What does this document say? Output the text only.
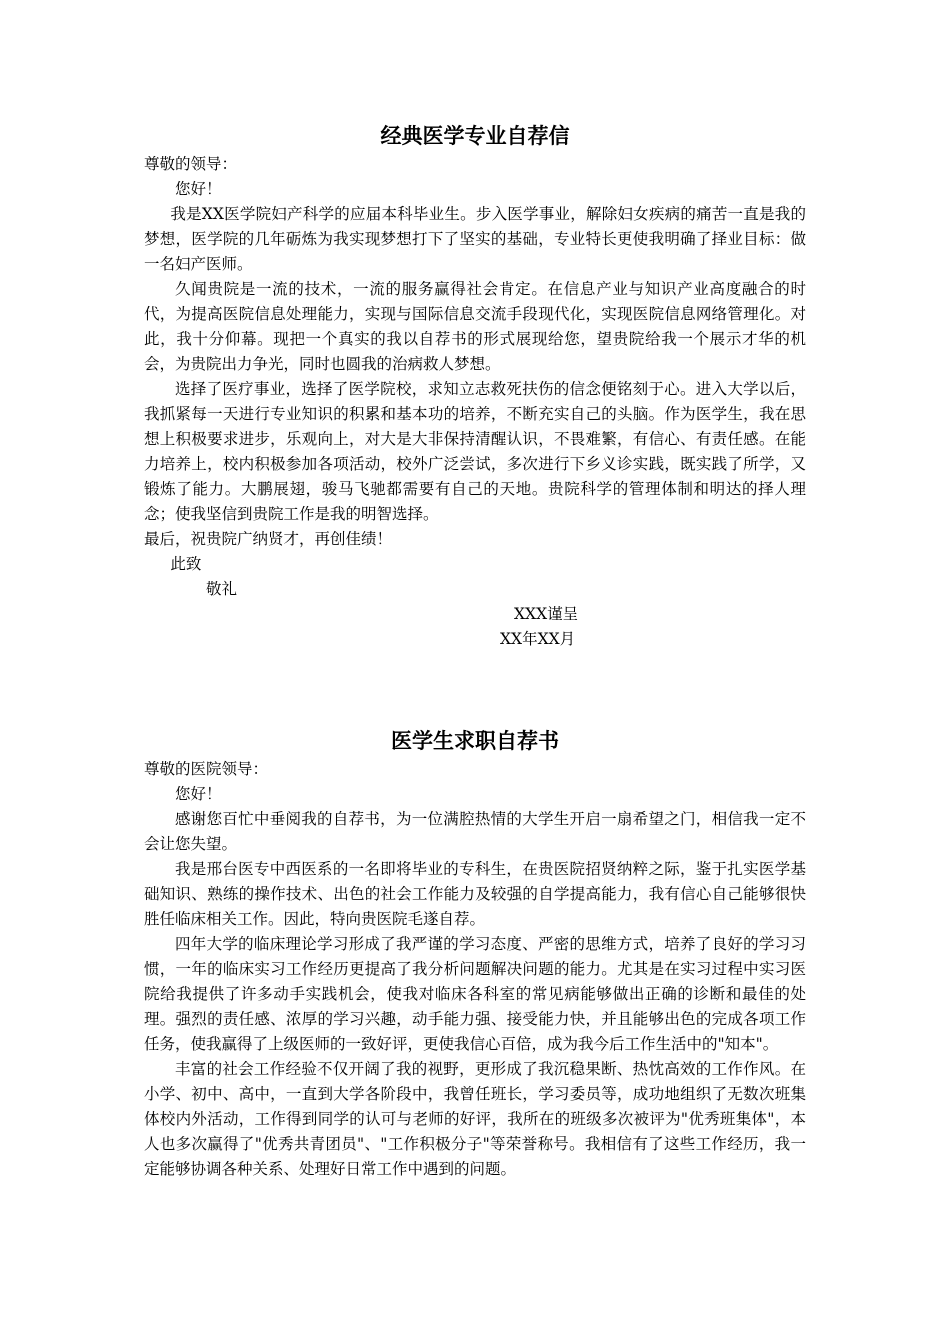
经典医学专业自荐信

尊敬的领导：

您好！

我是XX医学院妇产科学的应届本科毕业生。步入医学事业，解除妇女疾病的痛苦一直是我的梦想，医学院的几年砺炼为我实现梦想打下了坚实的基础，专业特长更使我明确了择业目标：做一名妇产医师。

久闻贵院是一流的技术，一流的服务赢得社会肯定。在信息产业与知识产业高度融合的时代，为提高医院信息处理能力，实现与国际信息交流手段现代化，实现医院信息网络管理化。对此，我十分仰幕。现把一个真实的我以自荐书的形式展现给您，望贵院给我一个展示才华的机会，为贵院出力争光，同时也圆我的治病救人梦想。

选择了医疗事业，选择了医学院校，求知立志救死扶伤的信念便铭刻于心。进入大学以后，我抓紧每一天进行专业知识的积累和基本功的培养，不断充实自己的头脑。作为医学生，我在思想上积极要求进步，乐观向上，对大是大非保持清醒认识，不畏难繁，有信心、有责任感。在能力培养上，校内积极参加各项活动，校外广泛尝试，多次进行下乡义诊实践，既实践了所学，又锻炼了能力。大鹏展翅，骏马飞驰都需要有自己的天地。贵院科学的管理体制和明达的择人理念；使我坚信到贵院工作是我的明智选择。

最后，祝贵院广纳贤才，再创佳绩！

此致

敬礼

XXX谨呈

XX年XX月

医学生求职自荐书

尊敬的医院领导：

您好！

感谢您百忙中垂阅我的自荐书，为一位满腔热情的大学生开启一扇希望之门，相信我一定不会让您失望。

我是邢台医专中西医系的一名即将毕业的专科生，在贵医院招贤纳粹之际，鉴于扎实医学基础知识、熟练的操作技术、出色的社会工作能力及较强的自学提高能力，我有信心自己能够很快胜任临床相关工作。因此，特向贵医院毛遂自荐。

四年大学的临床理论学习形成了我严谨的学习态度、严密的思维方式，培养了良好的学习习惯，一年的临床实习工作经历更提高了我分析问题解决问题的能力。尤其是在实习过程中实习医院给我提供了许多动手实践机会，使我对临床各科室的常见病能够做出正确的诊断和最佳的处理。强烈的责任感、浓厚的学习兴趣，动手能力强、接受能力快，并且能够出色的完成各项工作任务，使我赢得了上级医师的一致好评，更使我信心百倍，成为我今后工作生活中的"知本"。

丰富的社会工作经验不仅开阔了我的视野，更形成了我沉稳果断、热忱高效的工作作风。在小学、初中、高中，一直到大学各阶段中，我曾任班长，学习委员等，成功地组织了无数次班集体校内外活动，工作得到同学的认可与老师的好评，我所在的班级多次被评为"优秀班集体"，本人也多次赢得了"优秀共青团员"、"工作积极分子"等荣誉称号。我相信有了这些工作经历，我一定能够协调各种关系、处理好日常工作中遇到的问题。
